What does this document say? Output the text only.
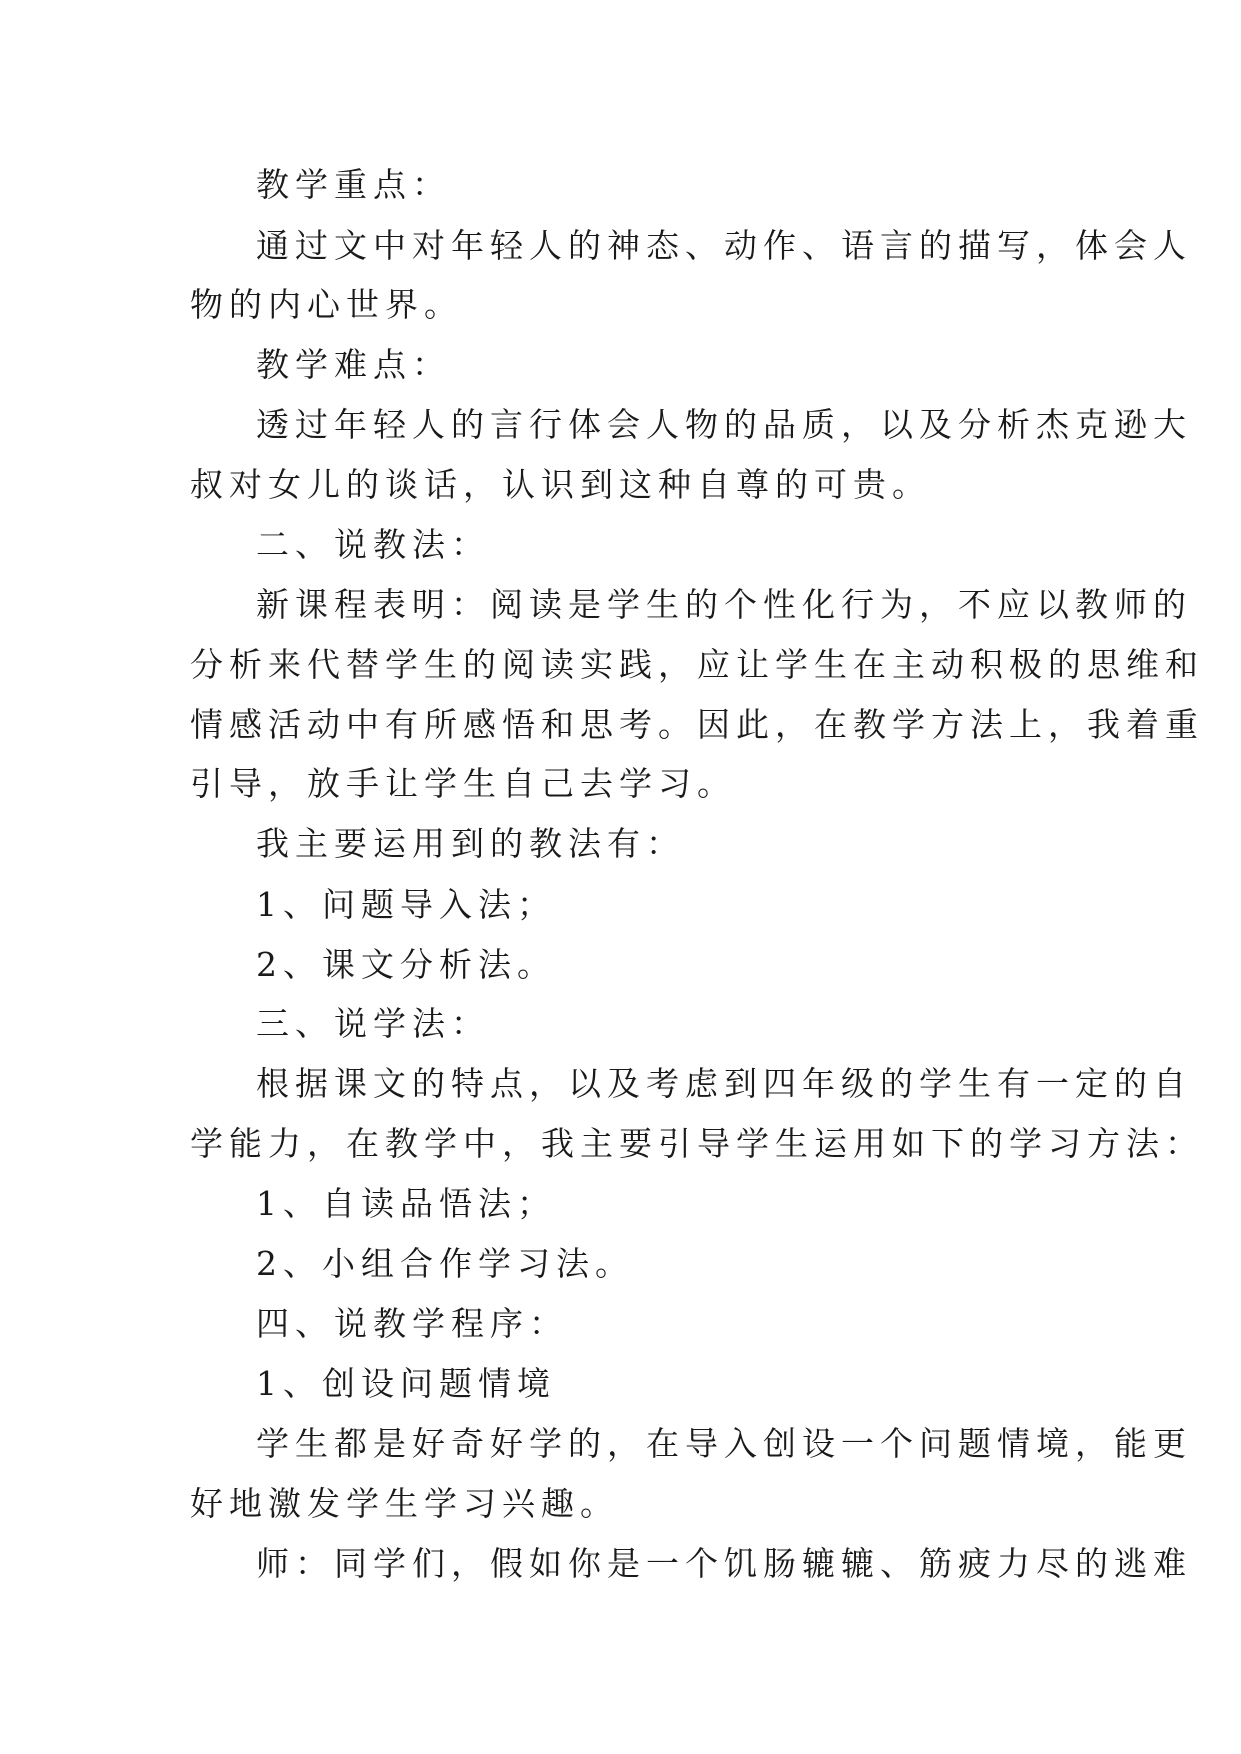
教学重点：
通过文中对年轻人的神态、动作、语言的描写，体会人
物的内心世界。
教学难点：
透过年轻人的言行体会人物的品质，以及分析杰克逊大
叔对女儿的谈话，认识到这种自尊的可贵。
二、说教法：
新课程表明：阅读是学生的个性化行为，不应以教师的
分析来代替学生的阅读实践，应让学生在主动积极的思维和
情感活动中有所感悟和思考。因此，在教学方法上，我着重
引导，放手让学生自己去学习。
我主要运用到的教法有：
1、问题导入法；
2、课文分析法。
三、说学法：
根据课文的特点，以及考虑到四年级的学生有一定的自
学能力，在教学中，我主要引导学生运用如下的学习方法：
1、自读品悟法；
2、小组合作学习法。
四、说教学程序：
1、创设问题情境
学生都是好奇好学的，在导入创设一个问题情境，能更
好地激发学生学习兴趣。
师：同学们，假如你是一个饥肠辘辘、筋疲力尽的逃难
